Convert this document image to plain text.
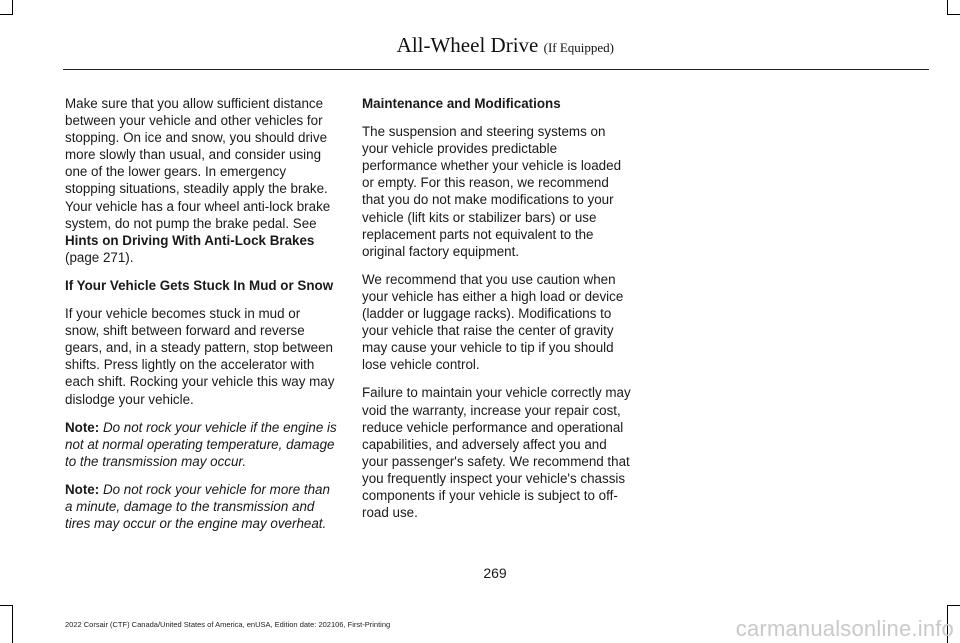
All-Wheel Drive (If Equipped)

Make sure that you allow sufficient distance between your vehicle and other vehicles for stopping. On ice and snow, you should drive more slowly than usual, and consider using one of the lower gears. In emergency stopping situations, steadily apply the brake. Your vehicle has a four wheel anti-lock brake system, do not pump the brake pedal. See Hints on Driving With Anti-Lock Brakes
(page 271).

If Your Vehicle Gets Stuck In Mud or Snow

If your vehicle becomes stuck in mud or snow, shift between forward and reverse gears, and, in a steady pattern, stop between shifts. Press lightly on the accelerator with each shift. Rocking your vehicle this way may dislodge your vehicle.

Note: Do not rock your vehicle if the engine is not at normal operating temperature, damage to the transmission may occur.

Note: Do not rock your vehicle for more than a minute, damage to the transmission and tires may occur or the engine may overheat.

Maintenance and Modifications

The suspension and steering systems on your vehicle provides predictable performance whether your vehicle is loaded or empty. For this reason, we recommend that you do not make modifications to your vehicle (lift kits or stabilizer bars) or use replacement parts not equivalent to the original factory equipment.

We recommend that you use caution when your vehicle has either a high load or device (ladder or luggage racks). Modifications to your vehicle that raise the center of gravity may cause your vehicle to tip if you should lose vehicle control.

Failure to maintain your vehicle correctly may void the warranty, increase your repair cost, reduce vehicle performance and operational capabilities, and adversely affect you and your passenger's safety. We recommend that you frequently inspect your vehicle's chassis components if your vehicle is subject to off-road use.

269
2022 Corsair (CTF) Canada/United States of America, enUSA, Edition date: 202106, First-Printing	carmanualsonline.info
